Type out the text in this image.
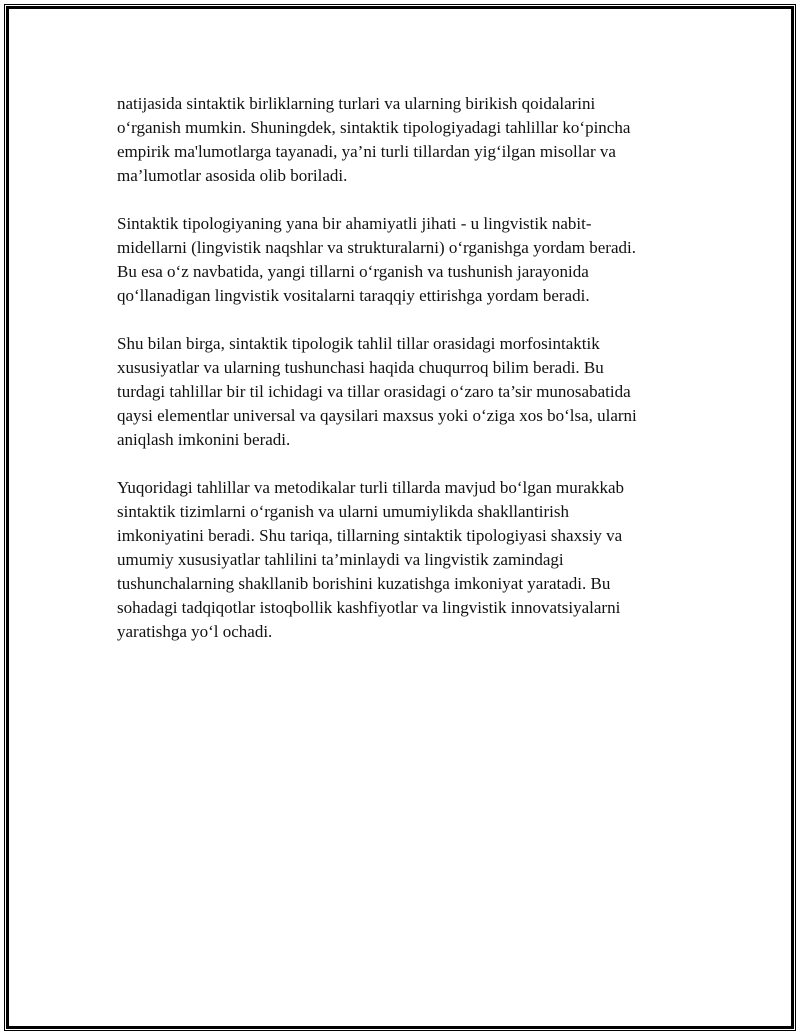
natijasida sintaktik birliklarning turlari va ularning birikish qoidalarini
o‘rganish mumkin. Shuningdek, sintaktik tipologiyadagi tahlillar ko‘pincha
empirik ma'lumotlarga tayanadi, ya’ni turli tillardan yig‘ilgan misollar va
ma’lumotlar asosida olib boriladi.

Sintaktik tipologiyaning yana bir ahamiyatli jihati - u lingvistik nabit-
midellarni (lingvistik naqshlar va strukturalarni) o‘rganishga yordam beradi.
Bu esa o‘z navbatida, yangi tillarni o‘rganish va tushunish jarayonida
qo‘llanadigan lingvistik vositalarni taraqqiy ettirishga yordam beradi.

Shu bilan birga, sintaktik tipologik tahlil tillar orasidagi morfosintaktik
xususiyatlar va ularning tushunchasi haqida chuqurroq bilim beradi. Bu
turdagi tahlillar bir til ichidagi va tillar orasidagi o‘zaro ta’sir munosabatida
qaysi elementlar universal va qaysilari maxsus yoki o‘ziga xos bo‘lsa, ularni
aniqlash imkonini beradi.

Yuqoridagi tahlillar va metodikalar turli tillarda mavjud bo‘lgan murakkab
sintaktik tizimlarni o‘rganish va ularni umumiylikda shakllantirish
imkoniyatini beradi. Shu tariqa, tillarning sintaktik tipologiyasi shaxsiy va
umumiy xususiyatlar tahlilini ta’minlaydi va lingvistik zamindagi
tushunchalarning shakllanib borishini kuzatishga imkoniyat yaratadi. Bu
sohadagi tadqiqotlar istoqbollik kashfiyotlar va lingvistik innovatsiyalarni
yaratishga yo‘l ochadi.
